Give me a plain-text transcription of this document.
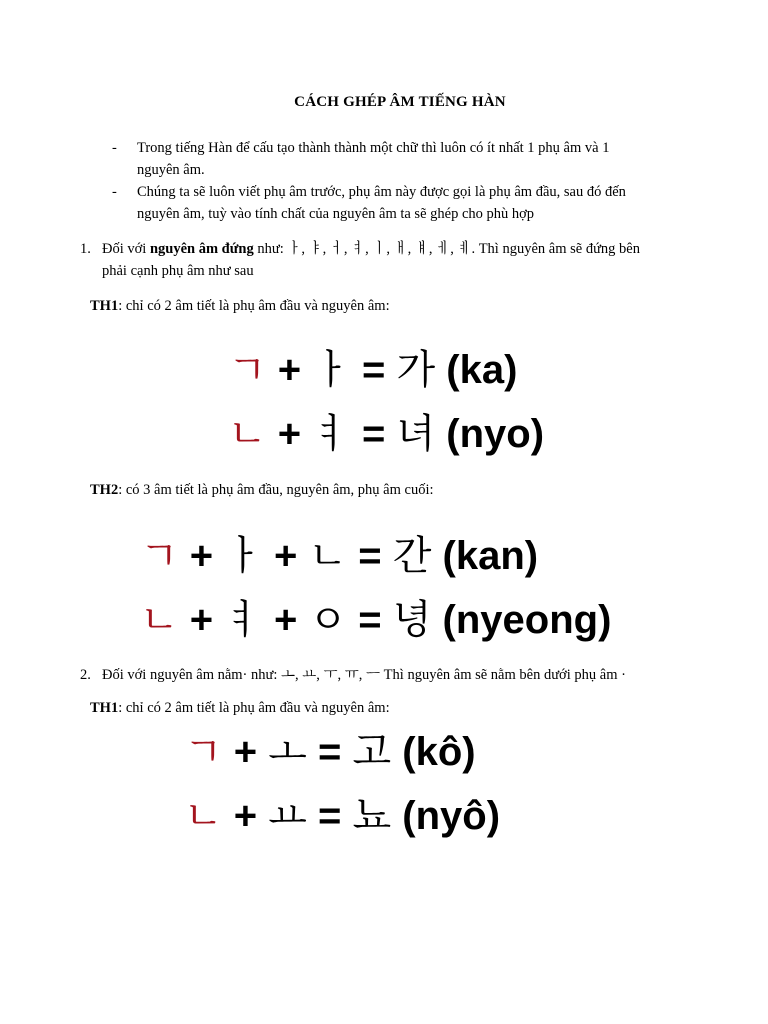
CÁCH GHÉP ÂM TIẾNG HÀN
-	Trong tiếng Hàn để cấu tạo thành thành một chữ thì luôn có ít nhất 1 phụ âm và 1
nguyên âm.
-	Chúng ta sẽ luôn viết phụ âm trước, phụ âm này được gọi là phụ âm đầu, sau đó đến
nguyên âm, tuỳ vào tính chất của nguyên âm ta sẽ ghép cho phù hợp
1. Đối với nguyên âm đứng như: ㅏ, ㅑ, ㅓ, ㅕ, ㅣ, ㅐ, ㅒ, ㅔ, ㅖ. Thì nguyên âm sẽ đứng bên
phải cạnh phụ âm như sau
TH1: chỉ có 2 âm tiết là phụ âm đầu và nguyên âm:
ㄱ + ㅏ = 가 (ka)
ㄴ + ㅕ = 녀 (nyo)
TH2: có 3 âm tiết là phụ âm đầu, nguyên âm, phụ âm cuối:
ㄱ + ㅏ + ㄴ = 간 (kan)
ㄴ + ㅕ + ㅇ = 녕 (nyeong)
2. Đối với nguyên âm nằm· như: ㅗ, ㅛ, ㅜ, ㅠ, ㅡ Thì nguyên âm sẽ nằm bên dưới phụ âm ·
TH1: chỉ có 2 âm tiết là phụ âm đầu và nguyên âm:
ㄱ + ㅗ = 고 (kô)
ㄴ + ㅛ = 뇨 (nyô)
